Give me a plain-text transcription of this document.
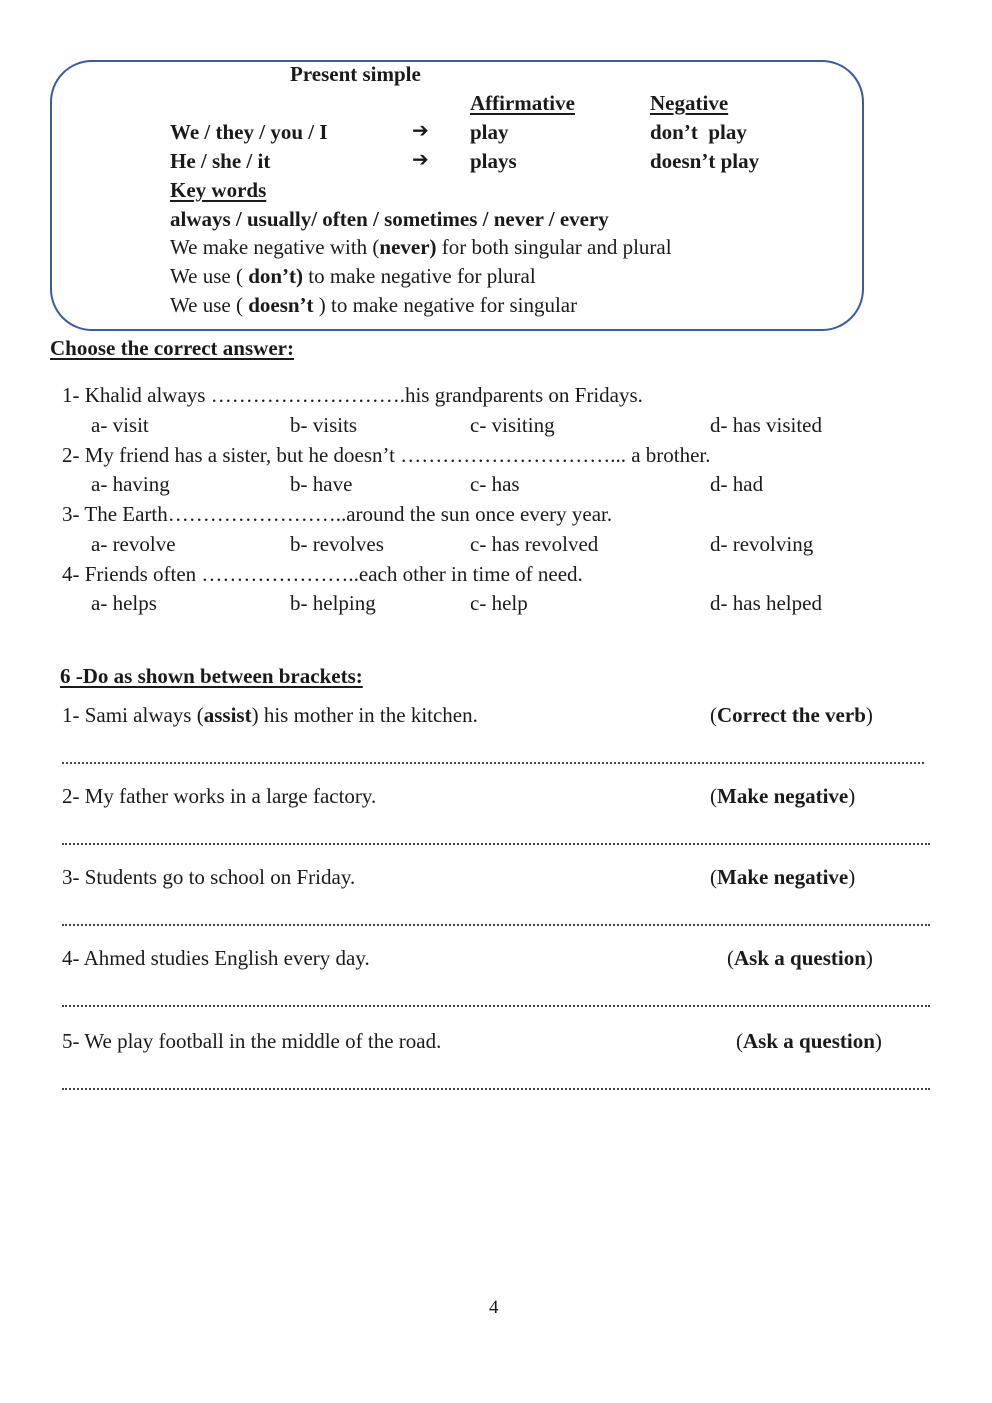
Present simple
Affirmative	Negative
We / they / you / I	➔ play	don’t  play
He / she / it	➔ plays	doesn’t play
Key words
always / usually/ often / sometimes / never / every
We make negative with (never) for both singular and plural
We use ( don’t) to make negative for plural
We use ( doesn’t ) to make negative for singular
Choose the correct answer:
1- Khalid always ……………………….his grandparents on Fridays.
a- visit	b- visits	c- visiting	d- has visited
2- My friend has a sister, but he doesn’t …………………………... a brother.
a- having	b- have	c- has	d- had
3- The Earth……………………..around the sun once every year.
a- revolve	b- revolves	c- has revolved	d- revolving
4- Friends often …………………..each other in time of need.
a- helps	b- helping	c- help	d- has helped
6 -Do as shown between brackets:
1- Sami always (assist) his mother in the kitchen.	(Correct the verb)
2- My father works in a large factory.	(Make negative)
3- Students go to school on Friday.	(Make negative)
4- Ahmed studies English every day.	(Ask a question)
5- We play football in the middle of the road.	(Ask a question)
4
